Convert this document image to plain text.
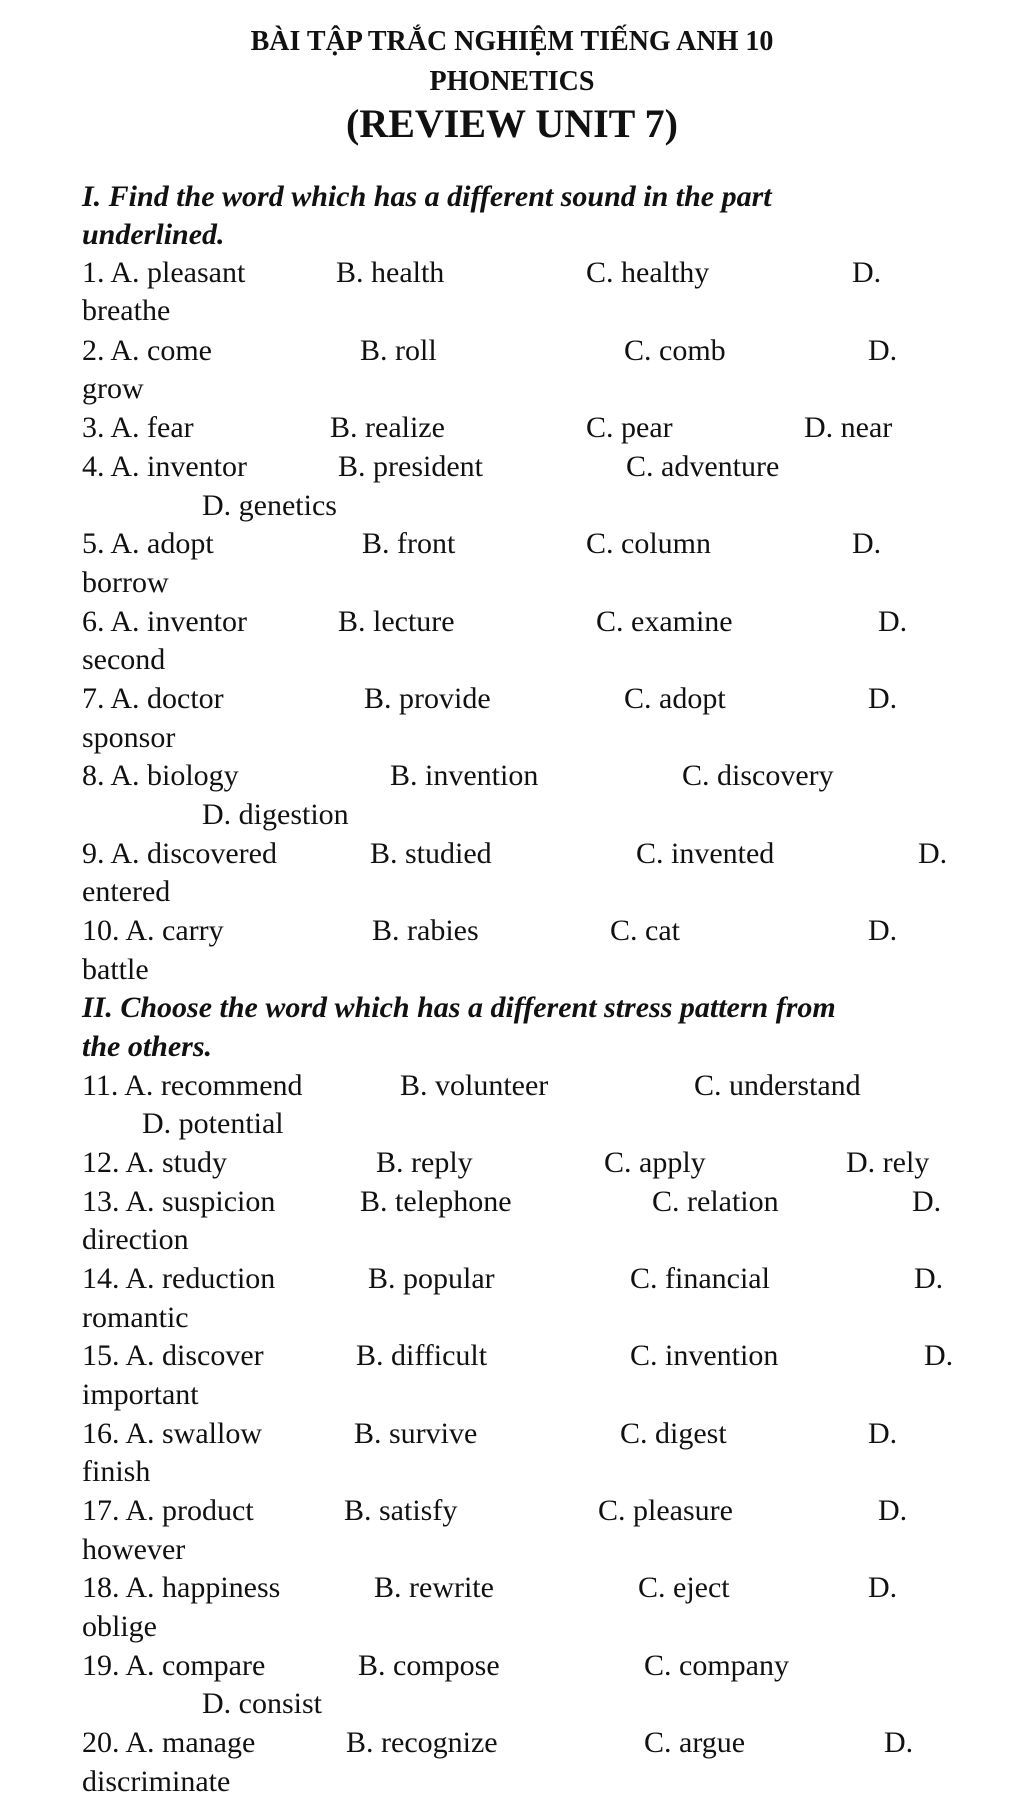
BÀI TẬP TRẮC NGHIỆM TIẾNG ANH 10
PHONETICS
(REVIEW UNIT 7)
I. Find the word which has a different sound in the part
underlined.
1. A. pleasant	B. health	C. healthy	D.
breathe
2. A. come	B. roll	C. comb	D.
grow
3. A. fear	B. realize	C. pear	D. near
4. A. inventor	B. president	C. adventure
D. genetics
5. A. adopt	B. front	C. column	D.
borrow
6. A. inventor	B. lecture	C. examine	D.
second
7. A. doctor	B. provide	C. adopt	D.
sponsor
8. A. biology	B. invention	C. discovery
D. digestion
9. A. discovered	B. studied	C. invented	D.
entered
10. A. carry	B. rabies	C. cat	D.
battle
II. Choose the word which has a different stress pattern from
the others.
11. A. recommend	B. volunteer	C. understand
D. potential
12. A. study	B. reply	C. apply	D. rely
13. A. suspicion	B. telephone	C. relation	D.
direction
14. A. reduction	B. popular	C. financial	D.
romantic
15. A. discover	B. difficult	C. invention	D.
important
16. A. swallow	B. survive	C. digest	D.
finish
17. A. product	B. satisfy	C. pleasure	D.
however
18. A. happiness	B. rewrite	C. eject	D.
oblige
19. A. compare	B. compose	C. company
D. consist
20. A. manage	B. recognize	C. argue	D.
discriminate
